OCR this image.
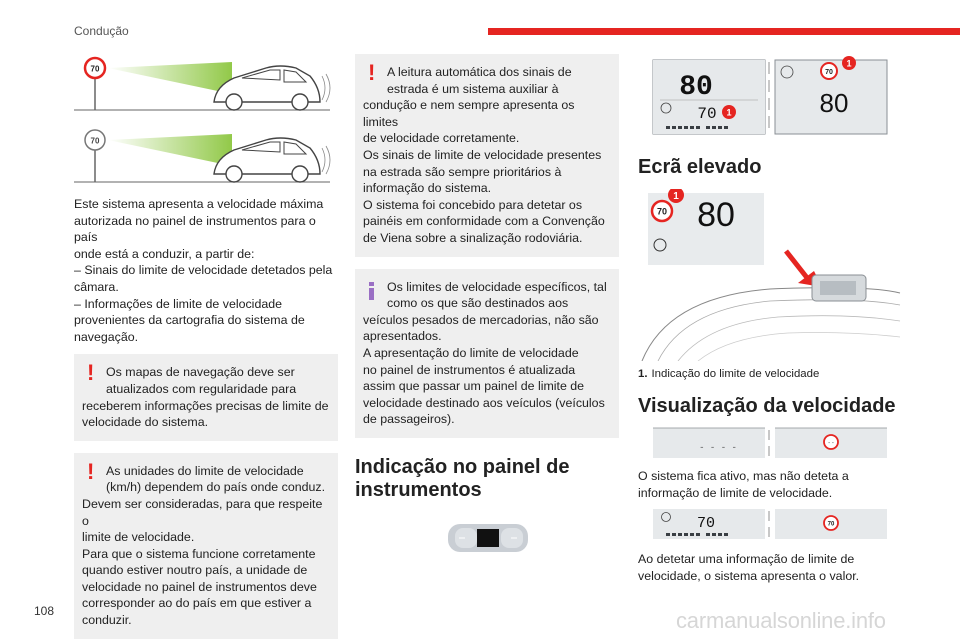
Condução
70
70
Este sistema apresenta a velocidade máxima
autorizada no painel de instrumentos para o país
onde está a conduzir, a partir de:
– Sinais do limite de velocidade detetados pela
câmara.
– Informações de limite de velocidade
provenientes da cartografia do sistema de
navegação.
! Os mapas de navegação deve ser
atualizados com regularidade para
receberem informações precisas de limite de
velocidade do sistema.
! As unidades do limite de velocidade
(km/h) dependem do país onde conduz.
Devem ser consideradas, para que respeite o
limite de velocidade.
Para que o sistema funcione corretamente
quando estiver noutro país, a unidade de
velocidade no painel de instrumentos deve
corresponder ao do país em que estiver a
conduzir.
! A leitura automática dos sinais de
estrada é um sistema auxiliar à
condução e nem sempre apresenta os limites
de velocidade corretamente.
Os sinais de limite de velocidade presentes
na estrada são sempre prioritários à
informação do sistema.
O sistema foi concebido para detetar os
painéis em conformidade com a Convenção
de Viena sobre a sinalização rodoviária.
Os limites de velocidade específicos, tal
como os que são destinados aos
veículos pesados de mercadorias, não são
apresentados.
A apresentação do limite de velocidade
no painel de instrumentos é atualizada
assim que passar um painel de limite de
velocidade destinado aos veículos (veículos
de passageiros).
Indicação no painel de
instrumentos
80
70 1
70
1
80
Ecrã elevado
70
1 80
1. Indicação do limite de velocidade
Visualização da velocidade
- - - -	- -
O sistema fica ativo, mas não deteta a
informação de limite de velocidade.
70	70
Ao detetar uma informação de limite de
velocidade, o sistema apresenta o valor.
108	carmanualsonline.info
